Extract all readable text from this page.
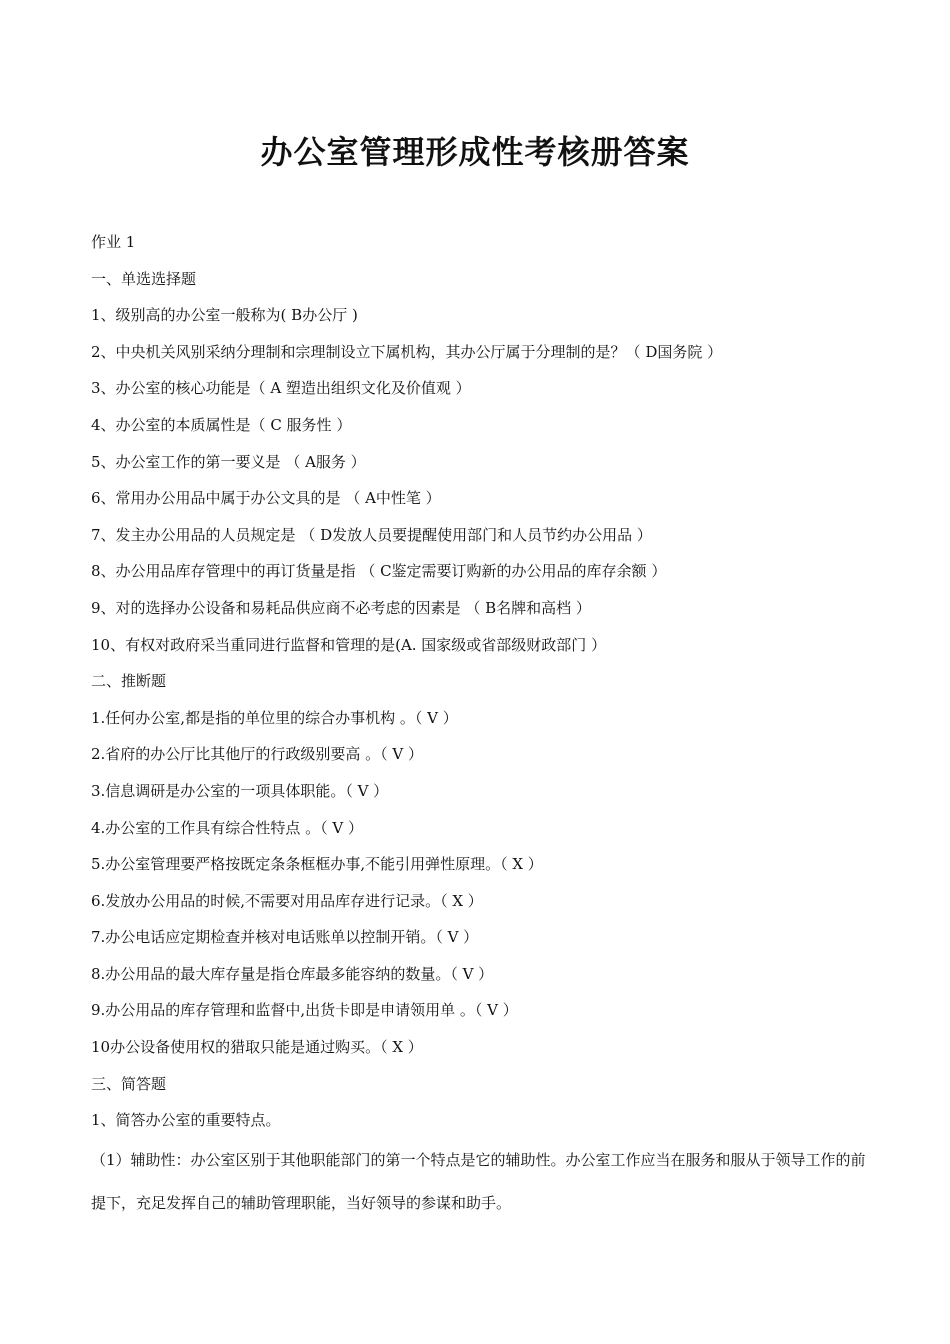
办公室管理形成性考核册答案
作业 1
一、单选选择题
1、级别高的办公室一般称为( B办公厅 )
2、中央机关风别采纳分理制和宗理制设立下属机构，其办公厅属于分理制的是？（ D国务院 ）
3、办公室的核心功能是（ A 塑造出组织文化及价值观 ）
4、办公室的本质属性是（ C 服务性 ）
5、办公室工作的第一要义是 （ A服务 ）
6、常用办公用品中属于办公文具的是 （ A中性笔 ）
7、发主办公用品的人员规定是 （ D发放人员要提醒使用部门和人员节约办公用品 ）
8、办公用品库存管理中的再订货量是指 （ C鉴定需要订购新的办公用品的库存余额 ）
9、对的选择办公设备和易耗品供应商不必考虑的因素是 （ B名牌和高档 ）
10、有权对政府采当重同进行监督和管理的是(A. 国家级或省部级财政部门 ）
二、推断题
1.任何办公室,都是指的单位里的综合办事机构 。（ V ）
2.省府的办公厅比其他厅的行政级别要高 。（ V ）
3.信息调研是办公室的一项具体职能。（ V ）
4.办公室的工作具有综合性特点 。（ V ）
5.办公室管理要严格按既定条条框框办事,不能引用弹性原理。（ X ）
6.发放办公用品的时候,不需要对用品库存进行记录。（ X ）
7.办公电话应定期检查并核对电话账单以控制开销。（ V ）
8.办公用品的最大库存量是指仓库最多能容纳的数量。（ V ）
9.办公用品的库存管理和监督中,出货卡即是申请领用单 。（ V ）
10办公设备使用权的猎取只能是通过购买。（ X ）
三、简答题
1、简答办公室的重要特点。
（1）辅助性：办公室区别于其他职能部门的第一个特点是它的辅助性。办公室工作应当在服务和服从于领导工作的前提下，充足发挥自己的辅助管理职能，当好领导的参谋和助手。
